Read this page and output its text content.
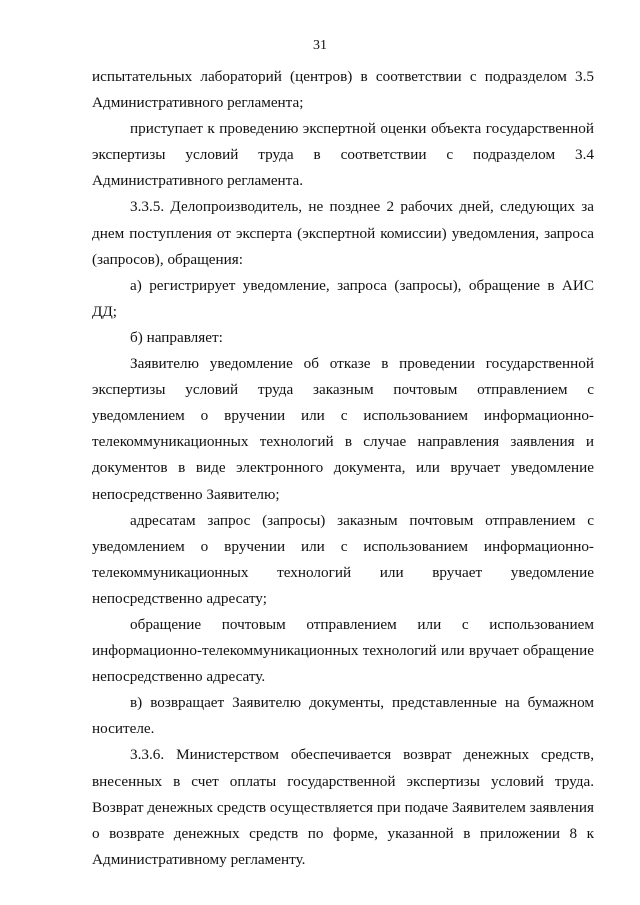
31

испытательных лабораторий (центров) в соответствии с подразделом 3.5 Административного регламента;

приступает к проведению экспертной оценки объекта государственной экспертизы условий труда в соответствии с подразделом 3.4 Административного регламента.

3.3.5. Делопроизводитель, не позднее 2 рабочих дней, следующих за днем поступления от эксперта (экспертной комиссии) уведомления, запроса (запросов), обращения:

а) регистрирует уведомление, запроса (запросы), обращение в АИС ДД;

б) направляет:

Заявителю уведомление об отказе в проведении государственной экспертизы условий труда заказным почтовым отправлением с уведомлением о вручении или с использованием информационно-телекоммуникационных технологий в случае направления заявления и документов в виде электронного документа, или вручает уведомление непосредственно Заявителю;

адресатам запрос (запросы) заказным почтовым отправлением с уведомлением о вручении или с использованием информационно-телекоммуникационных технологий или вручает уведомление непосредственно адресату;

обращение почтовым отправлением или с использованием информационно-телекоммуникационных технологий или вручает обращение непосредственно адресату.

в) возвращает Заявителю документы, представленные на бумажном носителе.

3.3.6. Министерством обеспечивается возврат денежных средств, внесенных в счет оплаты государственной экспертизы условий труда. Возврат денежных средств осуществляется при подаче Заявителем заявления о возврате денежных средств по форме, указанной в приложении 8 к Административному регламенту.
